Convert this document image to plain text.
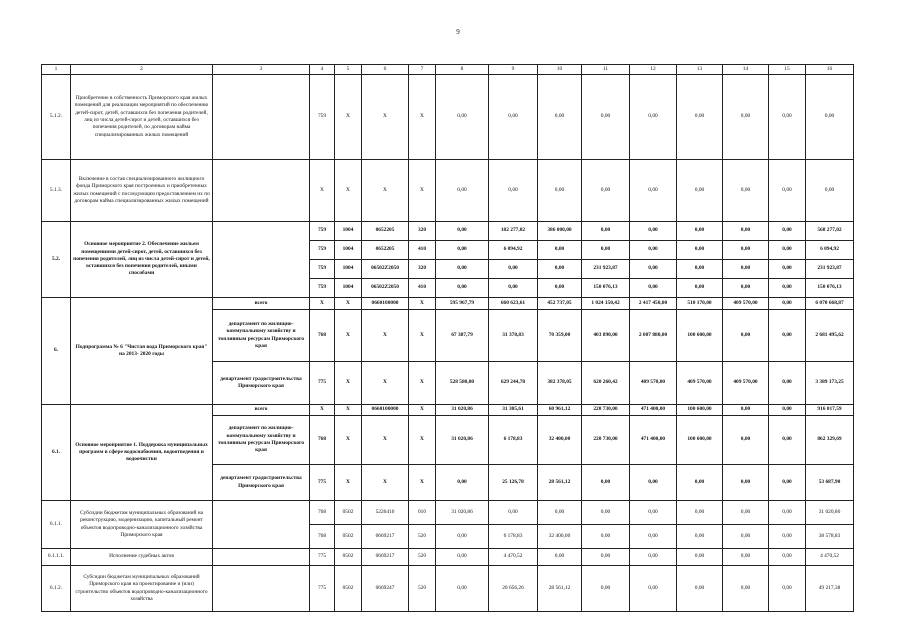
9
1	2	3	4	5	6	7	8	9	10	11	12	13	14	15	16
5.1.2.	Приобретение в собственность Приморского края жилых помещений для реализации мероприятий по обеспечению детей-сирот, детей, оставшихся без попечения родителей, лиц из числа детей-сирот и детей, оставшихся без попечения родителей, по договорам найма специализированных жилых помещений		759	X	X	X	0,00	0,00	0,00	0,00	0,00	0,00	0,00	0,00	0,00
5.1.3.	Включение в состав специализированного жилищного фонда Приморского края построенных и приобретенных жилых помещений с последующим предоставлением их по договорам найма специализированных жилых помещений		X	X	X	X	0,00	0,00	0,00	0,00	0,00	0,00	0,00	0,00	0,00
5.2.	Основное мероприятие 2. Обеспечение жильем помещениями детей-сирот, детей, оставшихся без попечения родителей, лиц из числа детей-сирот и детей, оставшихся без попечения родителей, иными способами		759	1004	0652205	320	0,00	182 277,02	386 000,00	0,00	0,00	0,00	0,00	0,00	568 277,02
			759	1004	0652205	410	0,00	6 094,92	0,00	0,00	0,00	0,00	0,00	0,00	6 094,92
			759	1004	06502Z2050	320	0,00	0,00	0,00	231 923,87	0,00	0,00	0,00	0,00	231 923,87
			759	1004	06502Z2050	410	0,00	0,00	0,00	150 076,13	0,00	0,00	0,00	0,00	150 076,13
6.	Подпрограмма № 6 "Чистая вода Приморского края" на 2013- 2020 годы	всего	X	X	0660100000	X	595 967,79	660 623,61	452 737,05	1 024 150,42	2 417 450,00	510 170,00	409 570,00	0,00	6 070 668,87
		департамент по жилищно-коммунальному хозяйству и топливным ресурсам Приморского края	768	X	X	X	67 387,79	31 378,83	70 359,00	403 890,00	2 007 880,00	100 600,00	0,00	0,00	2 681 495,62
		департамент градостроительства Приморского края	775	X	X	X	528 580,00	629 244,78	382 378,05	620 260,42	409 570,00	409 570,00	409 570,00	0,00	3 389 173,25
6.1.	Основное мероприятие 1. Поддержка муниципальных программ в сфере водоснабжения, водоотведения и водоочистки	всего	X	X	0660100000	X	31 020,86	31 305,61	60 961,12	220 730,00	471 400,00	100 600,00	0,00	0,00	916 017,59
		департамент по жилищно-коммунальному хозяйству и топливным ресурсам Приморского края	768	X	X	X	31 020,86	6 178,83	32 400,00	220 730,00	471 400,00	100 600,00	0,00	0,00	862 329,69
		департамент градостроительства Приморского края	775	X	X	X	0,00	25 126,78	28 561,12	0,00	0,00	0,00	0,00	0,00	53 687,90
6.1.1.	Субсидии бюджетам муниципальных образований на реконструкцию, модернизацию, капитальный ремонт объектов водопроводно-канализационного хозяйства Приморского края		768	0502	5226410	010	31 020,86	0,00	0,00	0,00	0,00	0,00	0,00	0,00	31 020,86
			768	0502	0669217	520	0,00	6 178,83	32 400,00	0,00	0,00	0,00	0,00	0,00	38 578,83
6.1.1.1.	Исполнение судебных актов		775	0502	0669217	520	0,00	4 470,52	0,00	0,00	0,00	0,00	0,00	0,00	4 470,52
6.1.2.	Субсидии бюджетам муниципальных образований Приморского края на проектирование и (или) строительство объектов водопроводно-канализационного хозяйства		775	0502	0669247	520	0,00	20 656,26	28 561,12	0,00	0,00	0,00	0,00	0,00	49 217,38
